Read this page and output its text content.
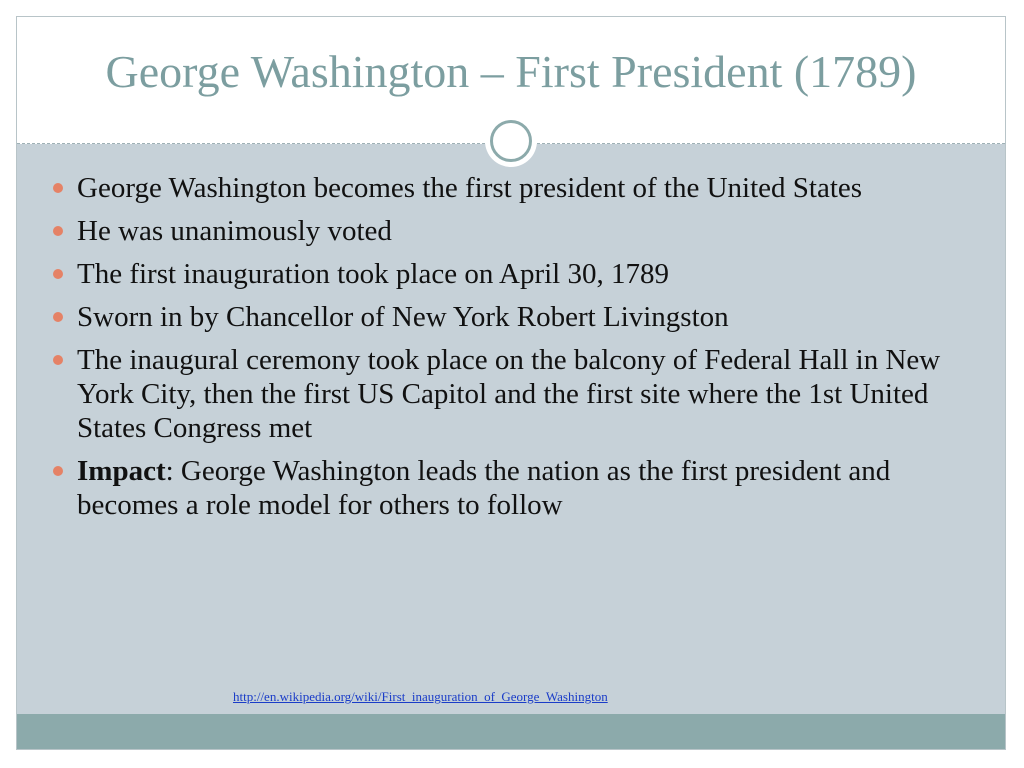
George Washington – First President (1789)
George Washington becomes the first president of the United States
He was unanimously voted
The first inauguration took place on April 30, 1789
Sworn in by Chancellor of New York Robert Livingston
The inaugural ceremony took place on the balcony of Federal Hall in New York City, then the first US Capitol and the first site where the 1st United States Congress met
Impact: George Washington leads the nation as the first president and becomes a role model for others to follow
http://en.wikipedia.org/wiki/First_inauguration_of_George_Washington
